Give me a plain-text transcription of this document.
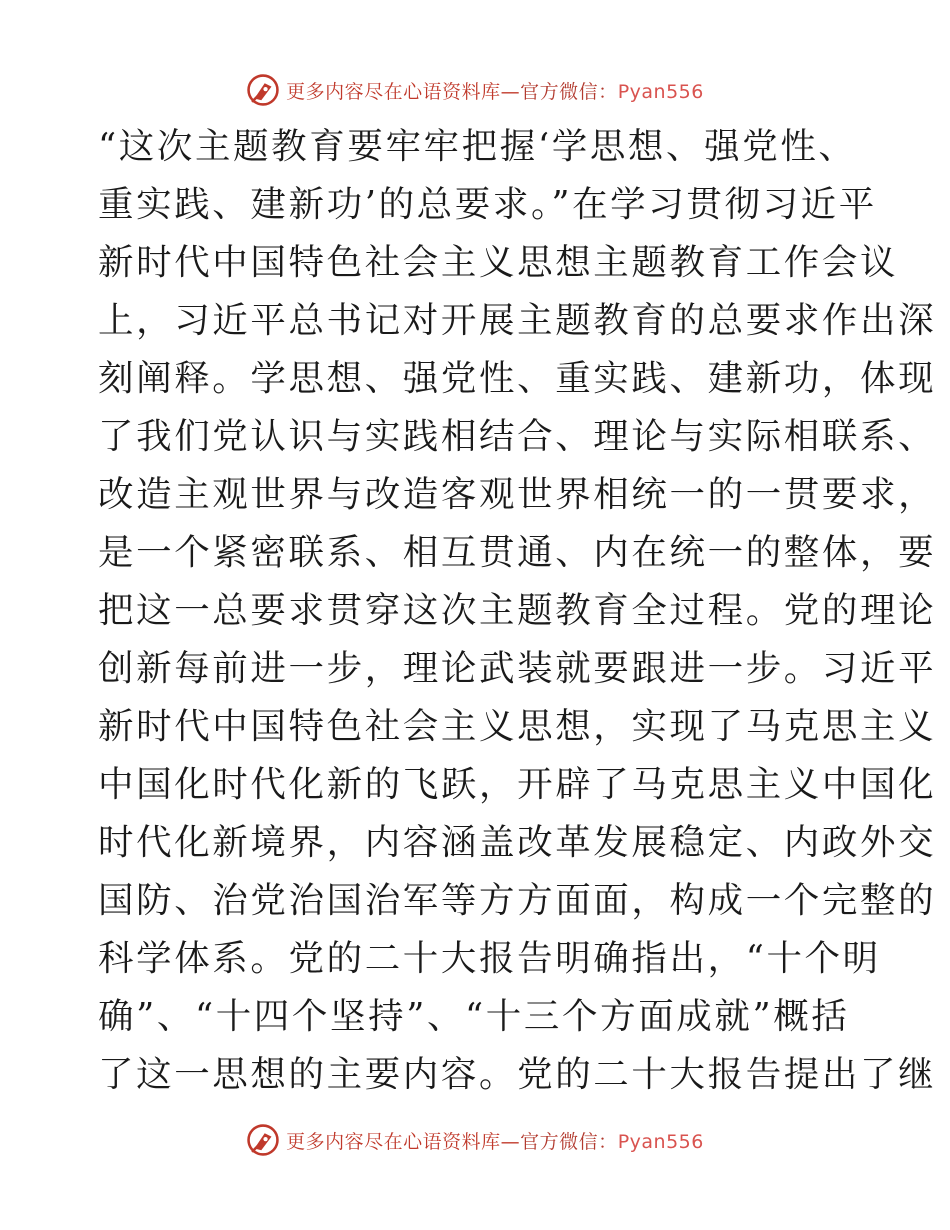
更多内容尽在心语资料库—官方微信：Pyan556
“这次主题教育要牢牢把握‘学思想、强党性、
重实践、建新功’的总要求。”在学习贯彻习近平
新时代中国特色社会主义思想主题教育工作会议
上，习近平总书记对开展主题教育的总要求作出深
刻阐释。学思想、强党性、重实践、建新功，体现
了我们党认识与实践相结合、理论与实际相联系、
改造主观世界与改造客观世界相统一的一贯要求，
是一个紧密联系、相互贯通、内在统一的整体，要
把这一总要求贯穿这次主题教育全过程。党的理论
创新每前进一步，理论武装就要跟进一步。习近平
新时代中国特色社会主义思想，实现了马克思主义
中国化时代化新的飞跃，开辟了马克思主义中国化
时代化新境界，内容涵盖改革发展稳定、内政外交
国防、治党治国治军等方方面面，构成一个完整的
科学体系。党的二十大报告明确指出，“十个明
确”、“十四个坚持”、“十三个方面成就”概括
了这一思想的主要内容。党的二十大报告提出了继
更多内容尽在心语资料库—官方微信：Pyan556
